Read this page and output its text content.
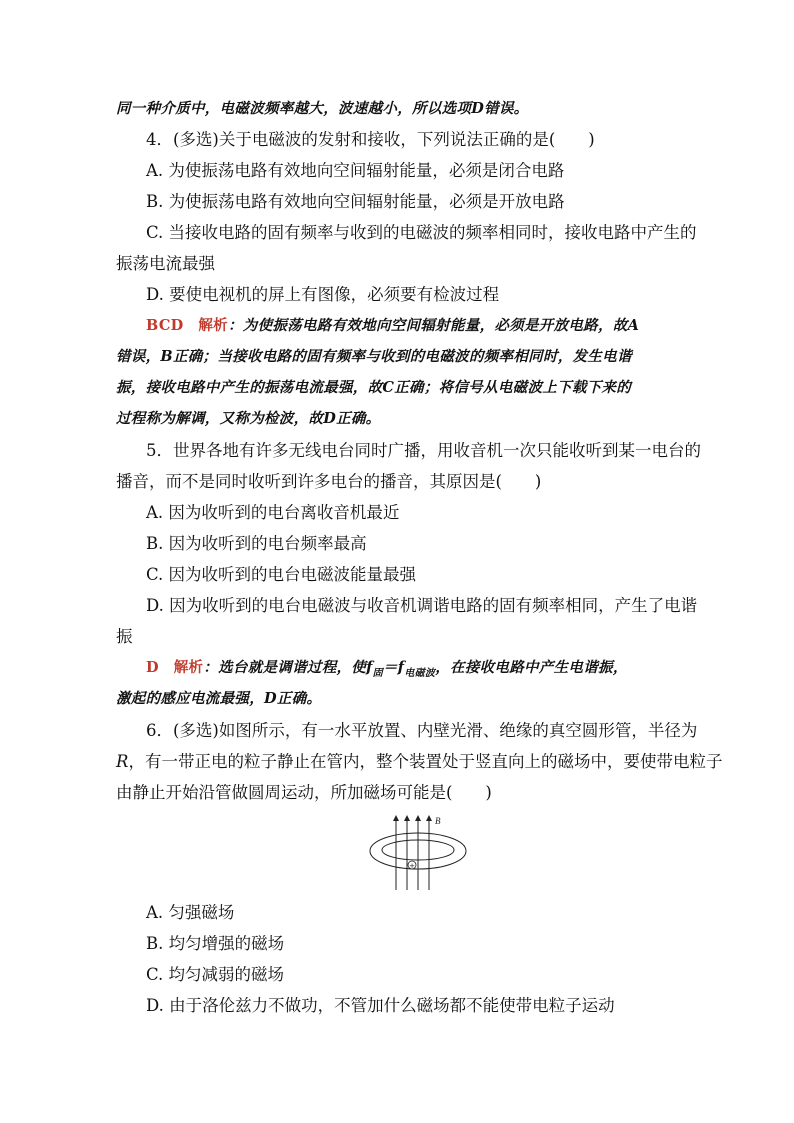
同一种介质中，电磁波频率越大，波速越小，所以选项D错误。
4．(多选)关于电磁波的发射和接收，下列说法正确的是(　　)
A. 为使振荡电路有效地向空间辐射能量，必须是闭合电路
B. 为使振荡电路有效地向空间辐射能量，必须是开放电路
C. 当接收电路的固有频率与收到的电磁波的频率相同时，接收电路中产生的
振荡电流最强
D. 要使电视机的屏上有图像，必须要有检波过程
BCD　 解析：为使振荡电路有效地向空间辐射能量，必须是开放电路，故A
错误，B正确；当接收电路的固有频率与收到的电磁波的频率相同时，发生电谐
振，接收电路中产生的振荡电流最强，故C正确；将信号从电磁波上下载下来的
过程称为解调，又称为检波，故D正确。
5．世界各地有许多无线电台同时广播，用收音机一次只能收听到某一电台的
播音，而不是同时收听到许多电台的播音，其原因是(　　)
A. 因为收听到的电台离收音机最近
B. 因为收听到的电台频率最高
C. 因为收听到的电台电磁波能量最强
D. 因为收听到的电台电磁波与收音机调谐电路的固有频率相同，产生了电谐
振
D　 解析：选台就是调谐过程，使$f_固=f_{电磁波}$，在接收电路中产生电谐振，
激起的感应电流最强，D正确。
6．(多选)如图所示，有一水平放置、内壁光滑、绝缘的真空圆形管，半径为
R，有一带正电的粒子静止在管内，整个装置处于竖直向上的磁场中，要使带电粒子
由静止开始沿管做圆周运动，所加磁场可能是(　　)
B
+
A. 匀强磁场
B. 均匀增强的磁场
C. 均匀减弱的磁场
D. 由于洛伦兹力不做功，不管加什么磁场都不能使带电粒子运动
